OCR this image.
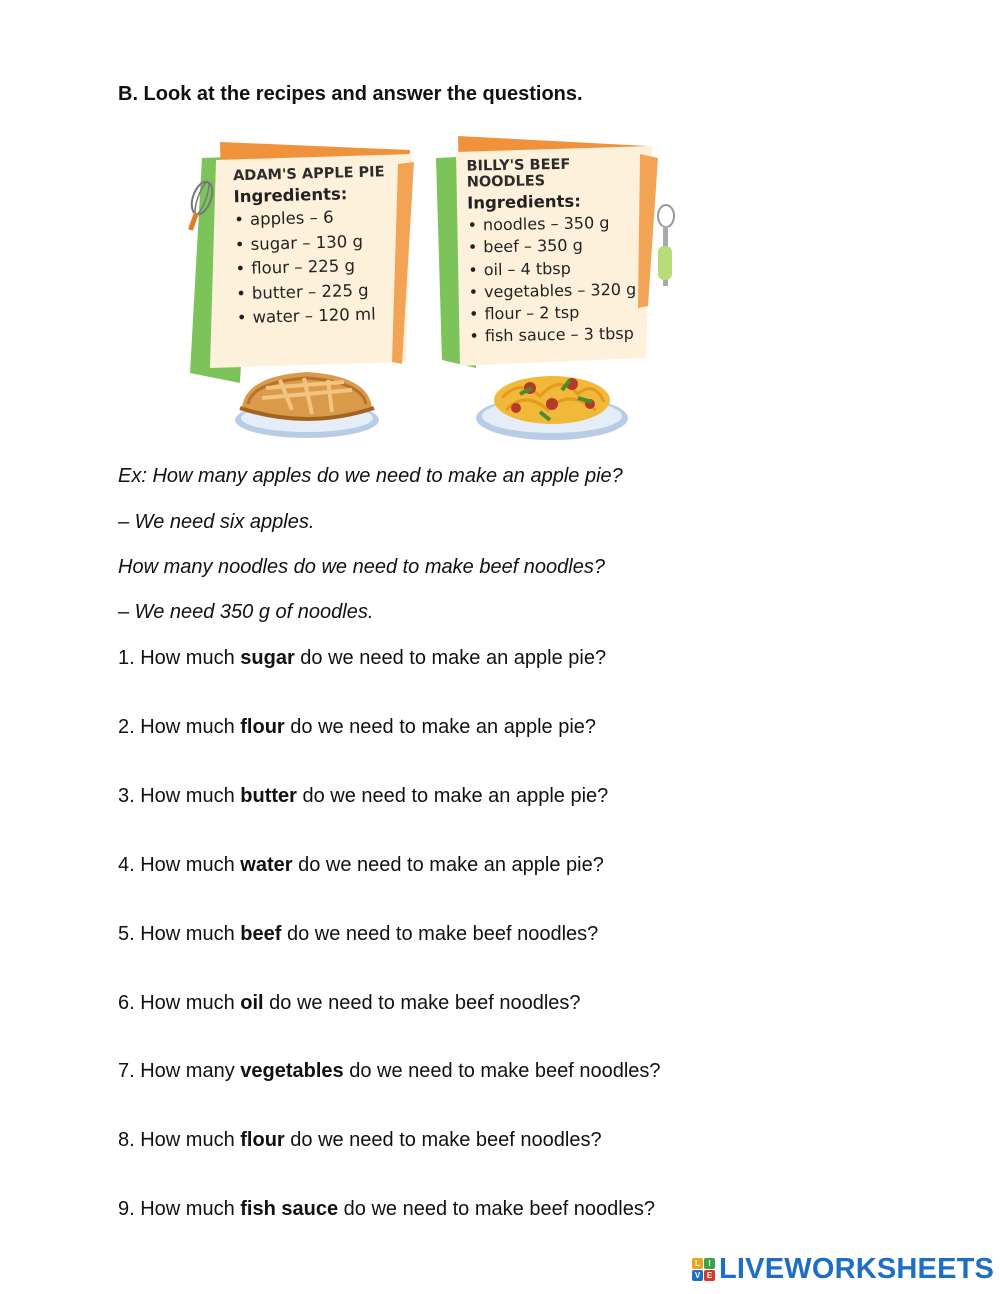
B. Look at the recipes and answer the questions.
ADAM'S APPLE PIE
Ingredients:
• apples – 6
• sugar – 130 g
• flour – 225 g
• butter – 225 g
• water – 120 ml
BILLY'S BEEF NOODLES
Ingredients:
• noodles – 350 g
• beef – 350 g
• oil – 4 tbsp
• vegetables – 320 g
• flour – 2 tsp
• fish sauce – 3 tbsp
Ex: How many apples do we need to make an apple pie?
– We need six apples.
How many noodles do we need to make beef noodles?
– We need 350 g of noodles.
1. How much sugar do we need to make an apple pie?
2. How much flour do we need to make an apple pie?
3. How much butter do we need to make an apple pie?
4. How much water do we need to make an apple pie?
5. How much beef do we need to make beef noodles?
6. How much oil do we need to make beef noodles?
7. How many vegetables do we need to make beef noodles?
8. How much flour do we need to make beef noodles?
9. How much fish sauce do we need to make beef noodles?
L	I
V E LIVEWORKSHEETS
